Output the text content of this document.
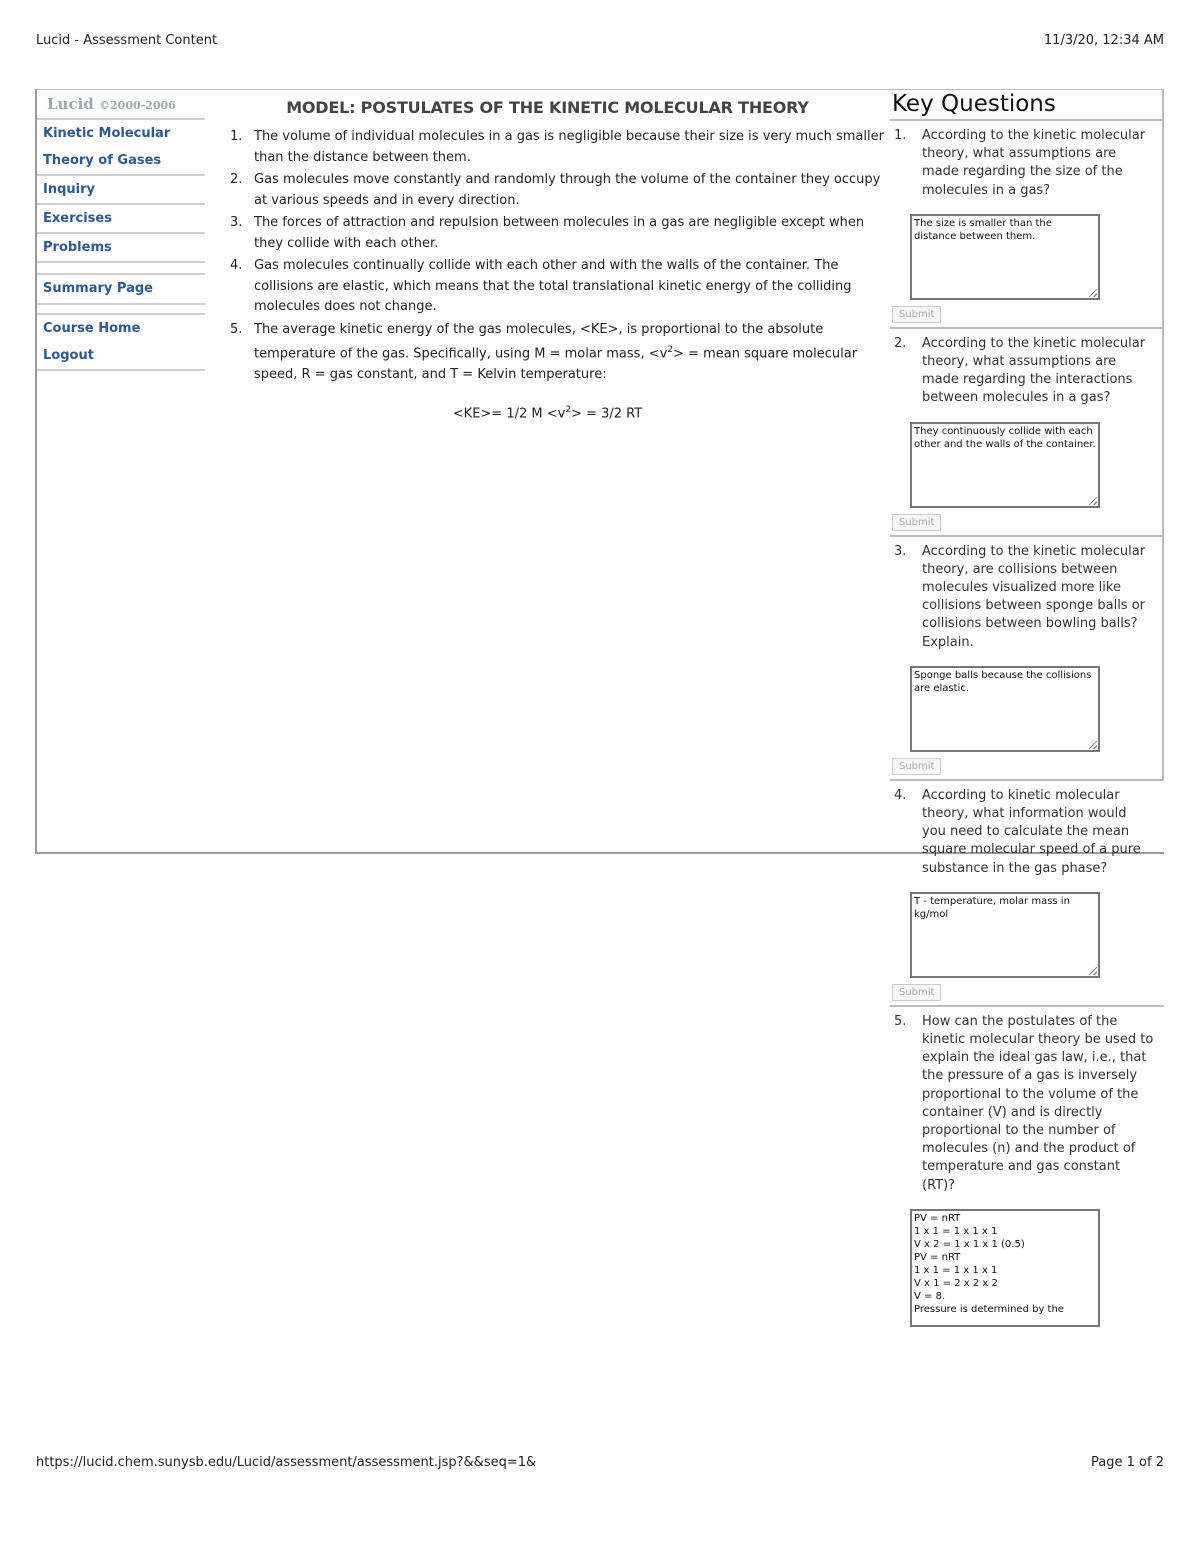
Lucid - Assessment Content	11/3/20, 12:34 AM
Lucid ©2000-2006
Kinetic Molecular
Theory of Gases
Inquiry
Exercises
Problems
Summary Page
Course Home
Logout
MODEL: POSTULATES OF THE KINETIC MOLECULAR THEORY
1. The volume of individual molecules in a gas is negligible because their size is very much smaller than the distance between them.
2. Gas molecules move constantly and randomly through the volume of the container they occupy at various speeds and in every direction.
3. The forces of attraction and repulsion between molecules in a gas are negligible except when they collide with each other.
4. Gas molecules continually collide with each other and with the walls of the container. The collisions are elastic, which means that the total translational kinetic energy of the colliding molecules does not change.
5. The average kinetic energy of the gas molecules, <KE>, is proportional to the absolute temperature of the gas. Specifically, using M = molar mass, $<v^2>$ = mean square molecular speed, R = gas constant, and T = Kelvin temperature:
<KE>= 1/2 $M <v^2> = 3/2$ RT
Key Questions
1. According to the kinetic molecular theory, what assumptions are made regarding the size of the molecules in a gas?
The size is smaller than the distance between them.
Submit
2. According to the kinetic molecular theory, what assumptions are made regarding the interactions between molecules in a gas?
They continuously collide with each other and the walls of the container.
Submit
3. According to the kinetic molecular theory, are collisions between molecules visualized more like collisions between sponge balls or collisions between bowling balls? Explain.
Sponge balls because the collisions are elastic.
Submit
4. According to kinetic molecular theory, what information would you need to calculate the mean square molecular speed of a pure substance in the gas phase?
T - temperature, molar mass in kg/mol
Submit
5. How can the postulates of the kinetic molecular theory be used to explain the ideal gas law, i.e., that the pressure of a gas is inversely proportional to the volume of the container (V) and is directly proportional to the number of molecules (n) and the product of temperature and gas constant (RT)?
PV = nRT
1 x 1 = 1 x 1 x 1
V x 2 = 1 x 1 x 1 (0.5)
PV = nRT
1 x 1 = 1 x 1 x 1
V x 1 = 2 x 2 x 2
V = 8.
Pressure is determined by the
https://lucid.chem.sunysb.edu/Lucid/assessment/assessment.jsp?&&seq=1&	Page 1 of 2
